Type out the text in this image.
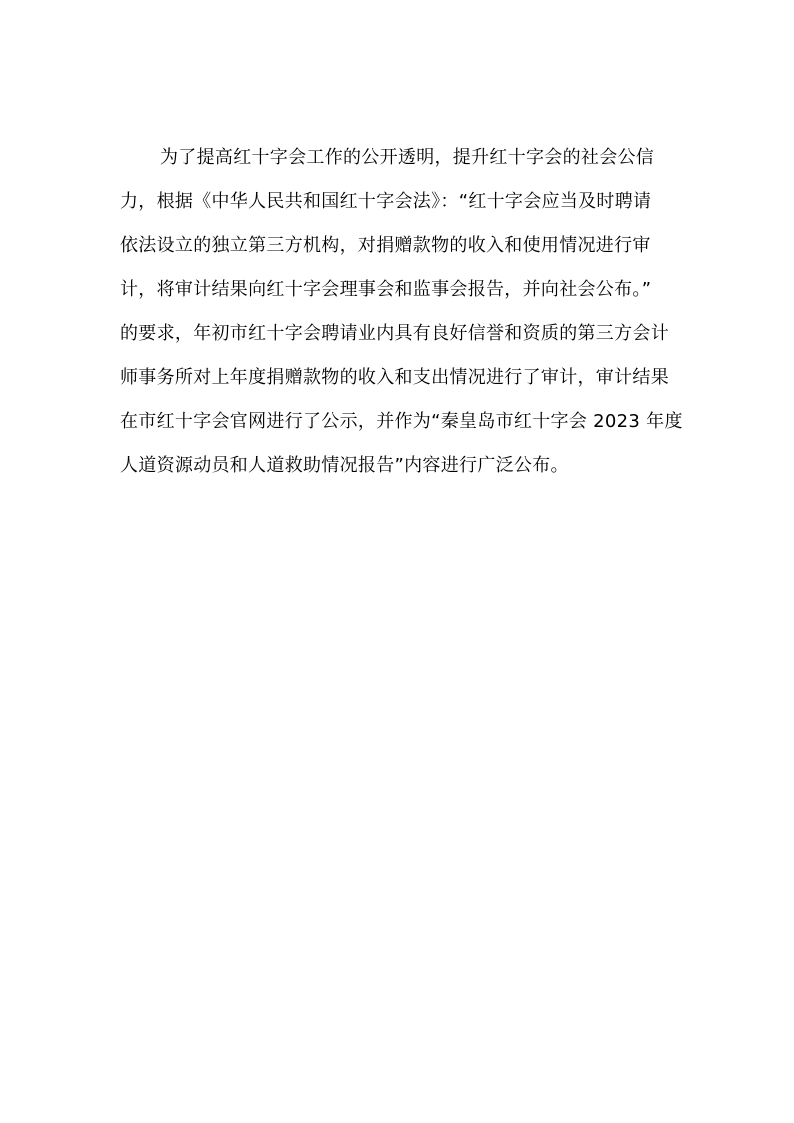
为了提高红十字会工作的公开透明，提升红十字会的社会公信
力，根据《中华人民共和国红十字会法》：“红十字会应当及时聘请
依法设立的独立第三方机构，对捐赠款物的收入和使用情况进行审
计，将审计结果向红十字会理事会和监事会报告，并向社会公布。”
的要求，年初市红十字会聘请业内具有良好信誉和资质的第三方会计
师事务所对上年度捐赠款物的收入和支出情况进行了审计，审计结果
在市红十字会官网进行了公示，并作为“秦皇岛市红十字会 2023 年度
人道资源动员和人道救助情况报告”内容进行广泛公布。
